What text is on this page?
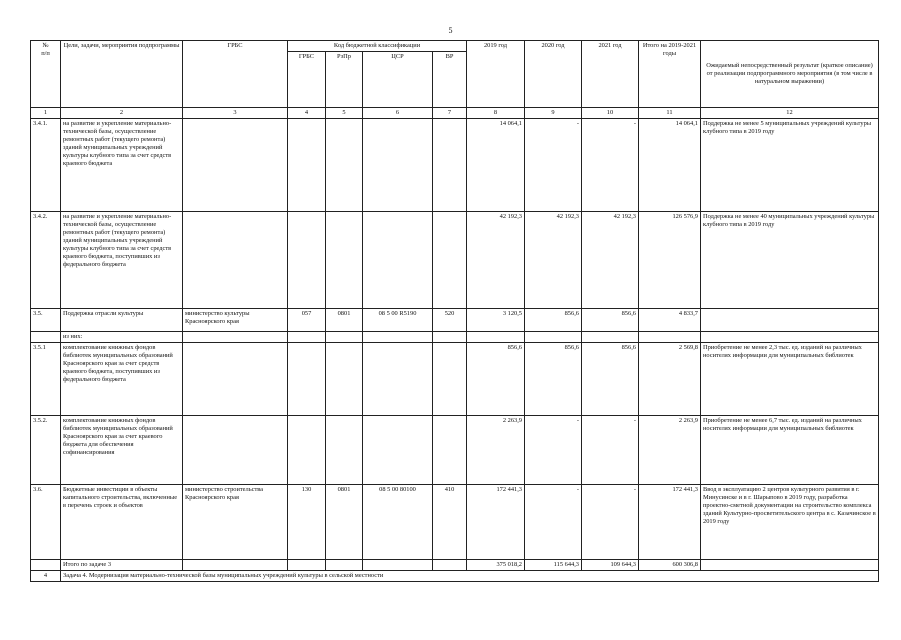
5
№
п/п	Цели, задачи, мероприятия подпрограммы	ГРБС	Код бюджетной классификации				2019 год	2020 год	2021 год	Итого на 2019-2021 годы	Ожидаемый непосредственный результат (краткое описание) от реализации подпрограммного мероприятия (в том числе в натуральном выражении)
			ГРБС	РзПр	ЦСР	ВР					
1	2	3	4	5	6	7	8	9	10	11	12
3.4.1.	на развитие и укрепление материально-технической базы, осуществление ремонтных работ (текущего ремонта) зданий муниципальных учреждений культуры клубного типа за счет средств краевого бюджета						14 064,1	-	-	14 064,1	Поддержка не менее 5 муниципальных учреждений культуры клубного типа в 2019 году
3.4.2.	на развитие и укрепление материально-технической базы, осуществление ремонтных работ (текущего ремонта) зданий муниципальных учреждений культуры клубного типа за счет средств краевого бюджета, поступивших из федерального бюджета						42 192,3	42 192,3	42 192,3	126 576,9	Поддержка не менее 40 муниципальных учреждений культуры клубного типа в 2019 году
3.5.	Поддержка отрасли культуры	министерство культуры Красноярского края	057	0801	08 5 00 R5190	520	3 120,5	856,6	856,6	4 833,7	
	из них:										
3.5.1	комплектование книжных фондов библиотек муниципальных образований Красноярского края за счет средств краевого бюджета, поступивших из федерального бюджета						856,6	856,6	856,6	2 569,8	Приобретение не менее 2,3 тыс. ед. изданий на различных носителях информации для муниципальных библиотек
3.5.2.	комплектование книжных фондов библиотек муниципальных образований Красноярского края за счет краевого бюджета для обеспечения софинансирования						2 263,9	-	-	2 263,9	Приобретение не менее 6,7 тыс. ед. изданий на различных носителях информации для муниципальных библиотек
3.6.	Бюджетные инвестиции в объекты капитального строительства, включенные в перечень строек и объектов	министерство строительства Красноярского края	130	0801	08 5 00 80100	410	172 441,3	-	-	172 441,3	Ввод в эксплуатацию 2 центров культурного развития в г. Минусинске и в г. Шарыпово в 2019 году, разработка проектно-сметной документации на строительство комплекса зданий Культурно-просветительского центра в с. Казачинское в 2019 году
	Итого по задаче 3						375 018,2	115 644,3	109 644,3	600 306,8	
4	Задача 4. Модернизация материально-технической базы муниципальных учреждений культуры в сельской местности										
